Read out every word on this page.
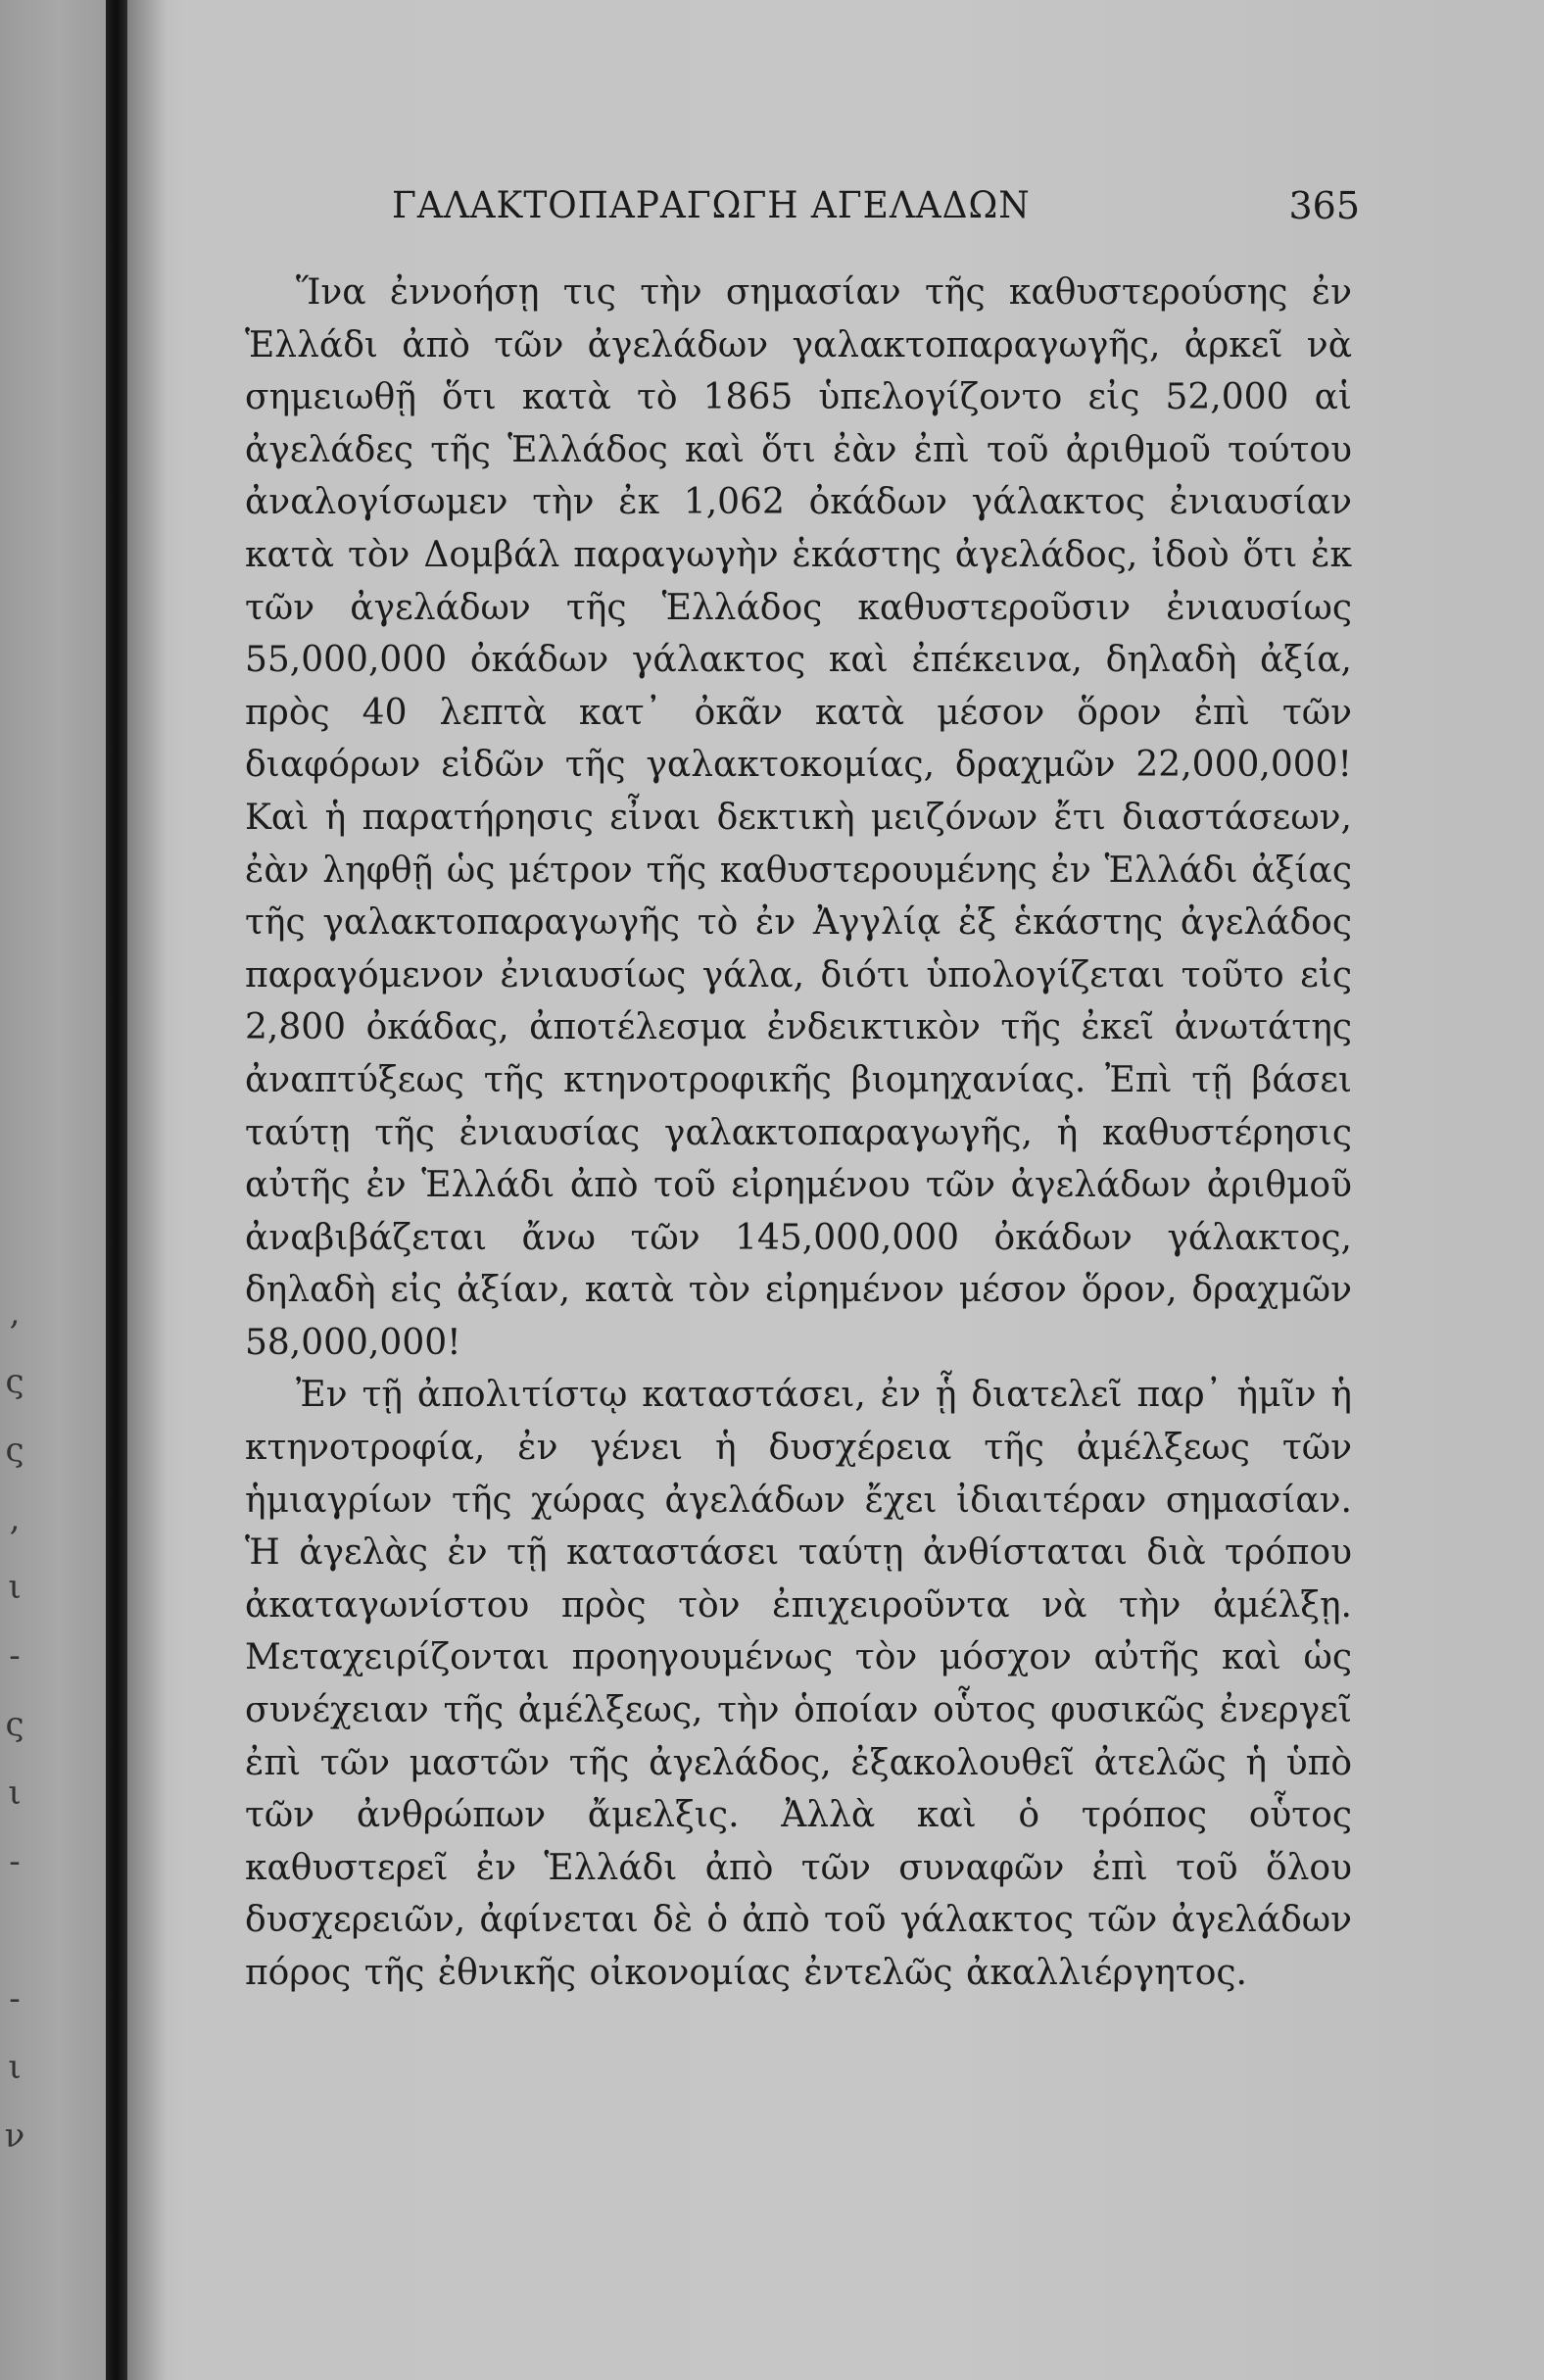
,
ς
ς
,
ι
-
ς
ι
-
-
ι
ν
ΓΑΛΑΚΤΟΠΑΡΑΓΩΓΗ ΑΓΕΛΑΔΩΝ	365

Ἵνα ἐννοήσῃ τις τὴν σημασίαν τῆς καθυστερούσης ἐν Ἑλλάδι ἀπὸ τῶν ἀγελάδων γαλακτοπαραγωγῆς, ἀρκεῖ νὰ σημειωθῇ ὅτι κατὰ τὸ 1865 ὑπελογίζοντο εἰς 52,000 αἱ ἀγελάδες τῆς Ἑλλάδος καὶ ὅτι ἐὰν ἐπὶ τοῦ ἀριθμοῦ τούτου ἀναλογίσωμεν τὴν ἐκ 1,062 ὀκάδων γάλακτος ἐνιαυσίαν κατὰ τὸν Δομβάλ παραγωγὴν ἑκάστης ἀγελάδος, ἰδοὺ ὅτι ἐκ τῶν ἀγελάδων τῆς Ἑλλάδος καθυστεροῦσιν ἐνιαυσίως 55,000,000 ὀκάδων γάλακτος καὶ ἐπέκεινα, δηλαδὴ ἀξία, πρὸς 40 λεπτὰ κατ᾽ ὀκᾶν κατὰ μέσον ὅρον ἐπὶ τῶν διαφόρων εἰδῶν τῆς γαλακτοκομίας, δραχμῶν 22,000,000! Καὶ ἡ παρατήρησις εἶναι δεκτικὴ μειζόνων ἔτι διαστάσεων, ἐὰν ληφθῇ ὡς μέτρον τῆς καθυστερουμένης ἐν Ἑλλάδι ἀξίας τῆς γαλακτοπαραγωγῆς τὸ ἐν Ἀγγλίᾳ ἐξ ἑκάστης ἀγελάδος παραγόμενον ἐνιαυσίως γάλα, διότι ὑπολογίζεται τοῦτο εἰς 2,800 ὀκάδας, ἀποτέλεσμα ἐνδεικτικὸν τῆς ἐκεῖ ἀνωτάτης ἀναπτύξεως τῆς κτηνοτροφικῆς βιομηχανίας. Ἐπὶ τῇ βάσει ταύτῃ τῆς ἐνιαυσίας γαλακτοπαραγωγῆς, ἡ καθυστέρησις αὐτῆς ἐν Ἑλλάδι ἀπὸ τοῦ εἰρημένου τῶν ἀγελάδων ἀριθμοῦ ἀναβιβάζεται ἄνω τῶν 145,000,000 ὀκάδων γάλακτος, δηλαδὴ εἰς ἀξίαν, κατὰ τὸν εἰρημένον μέσον ὅρον, δραχμῶν 58,000,000!

Ἐν τῇ ἀπολιτίστῳ καταστάσει, ἐν ᾗ διατελεῖ παρ᾽ ἡμῖν ἡ κτηνοτροφία, ἐν γένει ἡ δυσχέρεια τῆς ἀμέλξεως τῶν ἡμιαγρίων τῆς χώρας ἀγελάδων ἔχει ἰδιαιτέραν σημασίαν. Ἡ ἀγελὰς ἐν τῇ καταστάσει ταύτῃ ἀνθίσταται διὰ τρόπου ἀκαταγωνίστου πρὸς τὸν ἐπιχειροῦντα νὰ τὴν ἀμέλξῃ. Μεταχειρίζονται προηγουμένως τὸν μόσχον αὐτῆς καὶ ὡς συνέχειαν τῆς ἀμέλξεως, τὴν ὁποίαν οὗτος φυσικῶς ἐνεργεῖ ἐπὶ τῶν μαστῶν τῆς ἀγελάδος, ἐξακολουθεῖ ἀτελῶς ἡ ὑπὸ τῶν ἀνθρώπων ἄμελξις. Ἀλλὰ καὶ ὁ τρόπος οὗτος καθυστερεῖ ἐν Ἑλλάδι ἀπὸ τῶν συναφῶν ἐπὶ τοῦ ὅλου δυσχερειῶν, ἀφίνεται δὲ ὁ ἀπὸ τοῦ γάλακτος τῶν ἀγελάδων πόρος τῆς ἐθνικῆς οἰκονομίας ἐντελῶς ἀκαλλιέργητος.
